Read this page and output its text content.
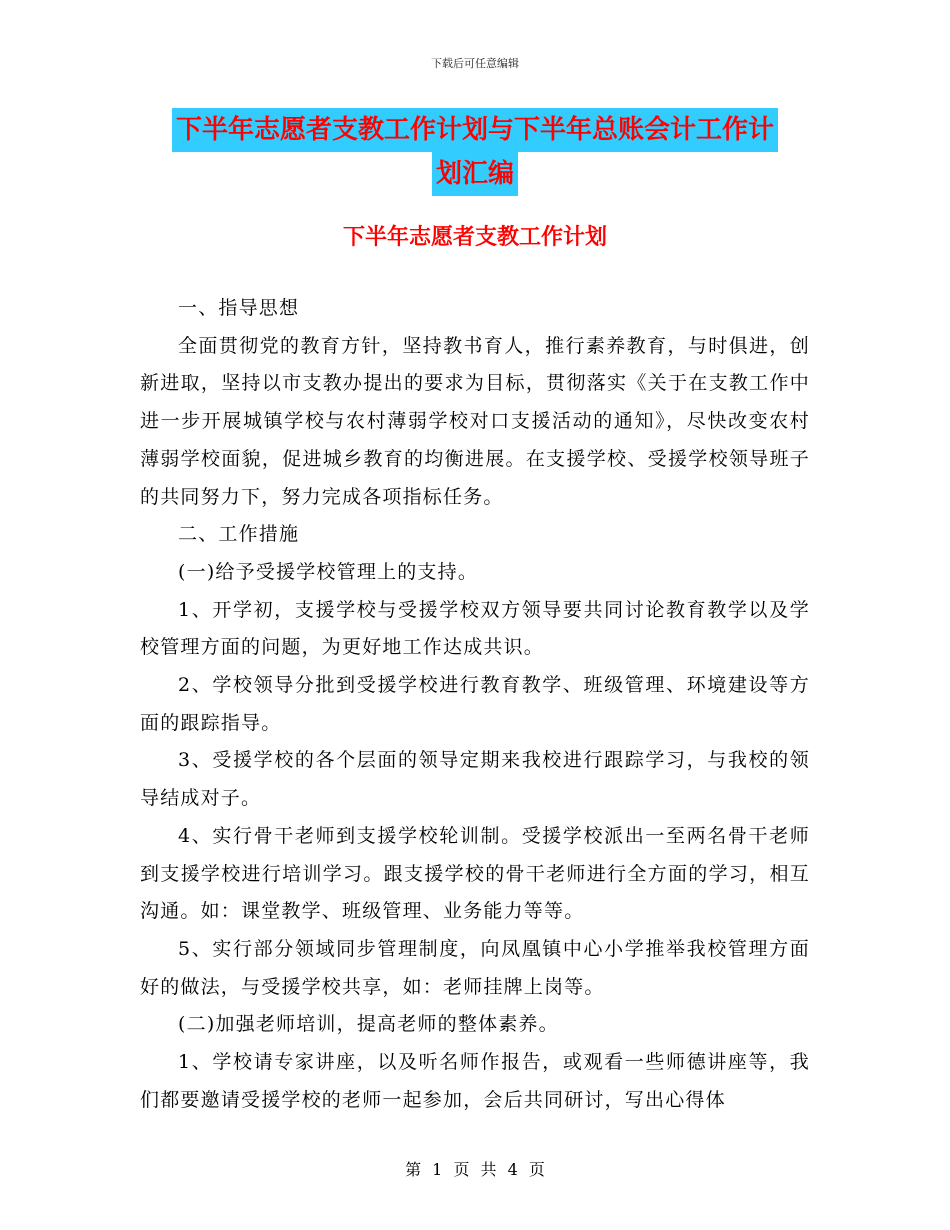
下载后可任意编辑
下半年志愿者支教工作计划与下半年总账会计工作计
划汇编
下半年志愿者支教工作计划

一、指导思想

全面贯彻党的教育方针，坚持教书育人，推行素养教育，与时俱进，创新进取，坚持以市支教办提出的要求为目标，贯彻落实《关于在支教工作中进一步开展城镇学校与农村薄弱学校对口支援活动的通知》，尽快改变农村薄弱学校面貌，促进城乡教育的均衡进展。在支援学校、受援学校领导班子的共同努力下，努力完成各项指标任务。

二、工作措施

(一)给予受援学校管理上的支持。

1、开学初，支援学校与受援学校双方领导要共同讨论教育教学以及学校管理方面的问题，为更好地工作达成共识。

2、学校领导分批到受援学校进行教育教学、班级管理、环境建设等方面的跟踪指导。

3、受援学校的各个层面的领导定期来我校进行跟踪学习，与我校的领导结成对子。

4、实行骨干老师到支援学校轮训制。受援学校派出一至两名骨干老师到支援学校进行培训学习。跟支援学校的骨干老师进行全方面的学习，相互沟通。如：课堂教学、班级管理、业务能力等等。

5、实行部分领域同步管理制度，向凤凰镇中心小学推举我校管理方面好的做法，与受援学校共享，如：老师挂牌上岗等。

(二)加强老师培训，提高老师的整体素养。

1、学校请专家讲座，以及听名师作报告，或观看一些师德讲座等，我们都要邀请受援学校的老师一起参加，会后共同研讨，写出心得体

第 1 页 共 4 页
